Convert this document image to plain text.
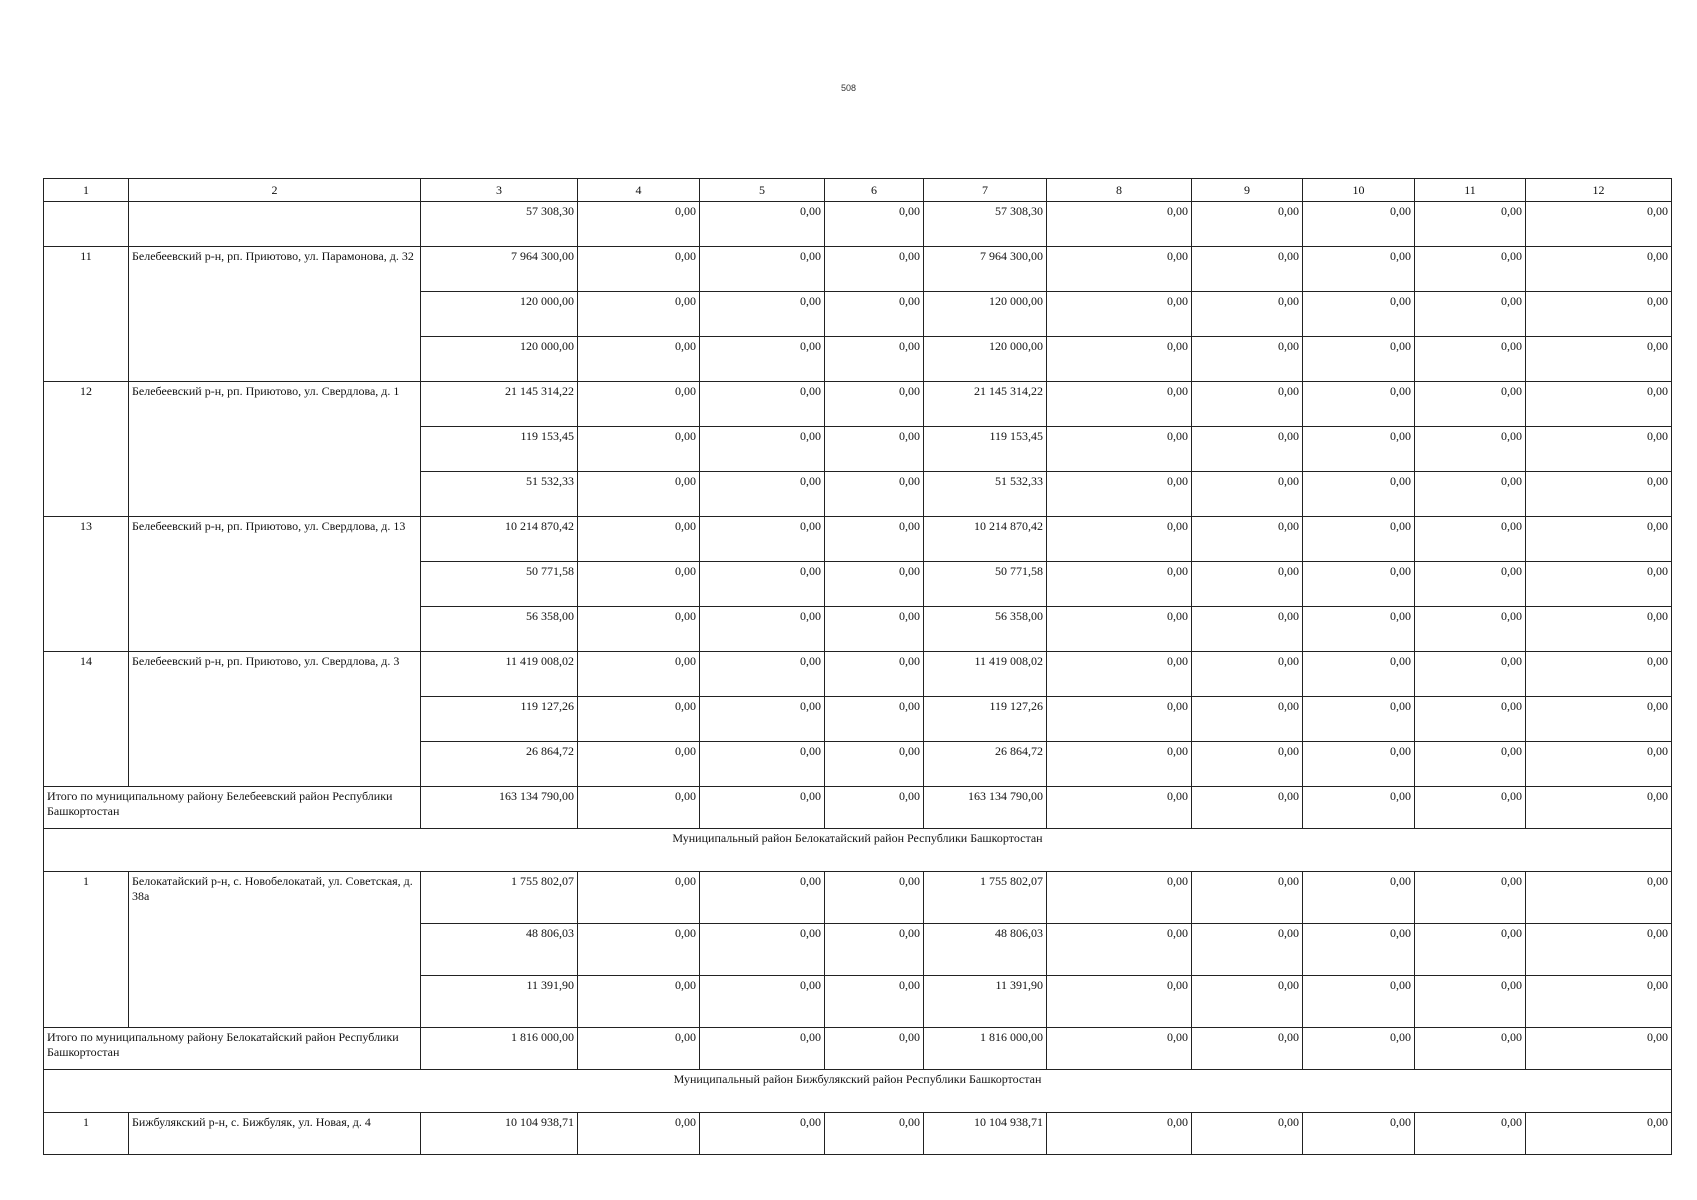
508
1	2	3	4	5	6	7	8	9	10	11	12
		57 308,30	0,00	0,00	0,00	57 308,30	0,00	0,00	0,00	0,00	0,00
11	Белебеевский р-н, рп. Приютово, ул. Парамонова, д. 32	7 964 300,00	0,00	0,00	0,00	7 964 300,00	0,00	0,00	0,00	0,00	0,00
		120 000,00	0,00	0,00	0,00	120 000,00	0,00	0,00	0,00	0,00	0,00
		120 000,00	0,00	0,00	0,00	120 000,00	0,00	0,00	0,00	0,00	0,00
12	Белебеевский р-н, рп. Приютово, ул. Свердлова, д. 1	21 145 314,22	0,00	0,00	0,00	21 145 314,22	0,00	0,00	0,00	0,00	0,00
		119 153,45	0,00	0,00	0,00	119 153,45	0,00	0,00	0,00	0,00	0,00
		51 532,33	0,00	0,00	0,00	51 532,33	0,00	0,00	0,00	0,00	0,00
13	Белебеевский р-н, рп. Приютово, ул. Свердлова, д. 13	10 214 870,42	0,00	0,00	0,00	10 214 870,42	0,00	0,00	0,00	0,00	0,00
		50 771,58	0,00	0,00	0,00	50 771,58	0,00	0,00	0,00	0,00	0,00
		56 358,00	0,00	0,00	0,00	56 358,00	0,00	0,00	0,00	0,00	0,00
14	Белебеевский р-н, рп. Приютово, ул. Свердлова, д. 3	11 419 008,02	0,00	0,00	0,00	11 419 008,02	0,00	0,00	0,00	0,00	0,00
		119 127,26	0,00	0,00	0,00	119 127,26	0,00	0,00	0,00	0,00	0,00
		26 864,72	0,00	0,00	0,00	26 864,72	0,00	0,00	0,00	0,00	0,00
Итого по муниципальному району Белебеевский район Республики Башкортостан		163 134 790,00	0,00	0,00	0,00	163 134 790,00	0,00	0,00	0,00	0,00	0,00
Муниципальный район Белокатайский район Республики Башкортостан											
1	Белокатайский р-н, с. Новобелокатай, ул. Советская, д. 38а	1 755 802,07	0,00	0,00	0,00	1 755 802,07	0,00	0,00	0,00	0,00	0,00
		48 806,03	0,00	0,00	0,00	48 806,03	0,00	0,00	0,00	0,00	0,00
		11 391,90	0,00	0,00	0,00	11 391,90	0,00	0,00	0,00	0,00	0,00
Итого по муниципальному району Белокатайский район Республики Башкортостан		1 816 000,00	0,00	0,00	0,00	1 816 000,00	0,00	0,00	0,00	0,00	0,00
Муниципальный район Бижбулякский район Республики Башкортостан											
1	Бижбулякский р-н, с. Бижбуляк, ул. Новая, д. 4	10 104 938,71	0,00	0,00	0,00	10 104 938,71	0,00	0,00	0,00	0,00	0,00
